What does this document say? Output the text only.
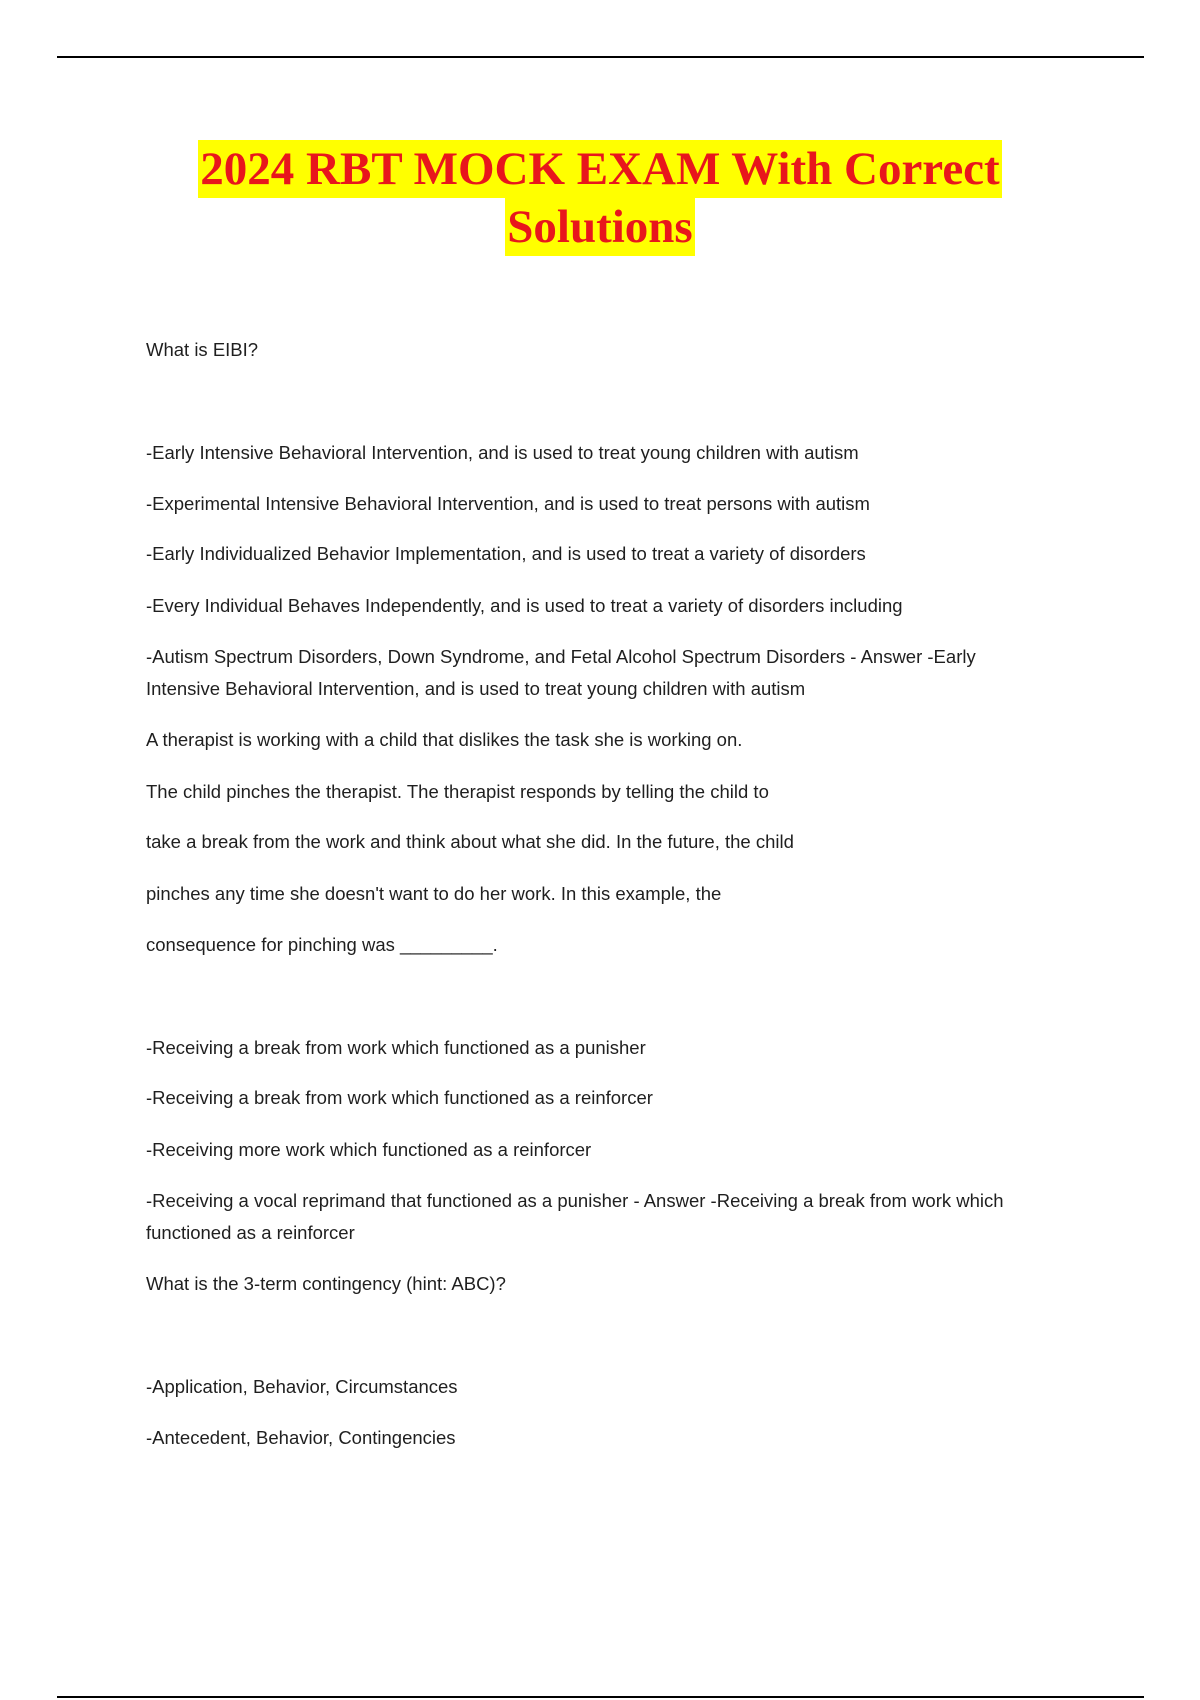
2024 RBT MOCK EXAM With Correct
Solutions
What is EIBI?
-Early Intensive Behavioral Intervention, and is used to treat young children with autism
-Experimental Intensive Behavioral Intervention, and is used to treat persons with autism
-Early Individualized Behavior Implementation, and is used to treat a variety of disorders
-Every Individual Behaves Independently, and is used to treat a variety of disorders including
-Autism Spectrum Disorders, Down Syndrome, and Fetal Alcohol Spectrum Disorders - Answer -Early
Intensive Behavioral Intervention, and is used to treat young children with autism
A therapist is working with a child that dislikes the task she is working on.
The child pinches the therapist. The therapist responds by telling the child to
take a break from the work and think about what she did. In the future, the child
pinches any time she doesn't want to do her work. In this example, the
consequence for pinching was _________.
-Receiving a break from work which functioned as a punisher
-Receiving a break from work which functioned as a reinforcer
-Receiving more work which functioned as a reinforcer
-Receiving a vocal reprimand that functioned as a punisher - Answer -Receiving a break from work which
functioned as a reinforcer
What is the 3-term contingency (hint: ABC)?
-Application, Behavior, Circumstances
-Antecedent, Behavior, Contingencies
